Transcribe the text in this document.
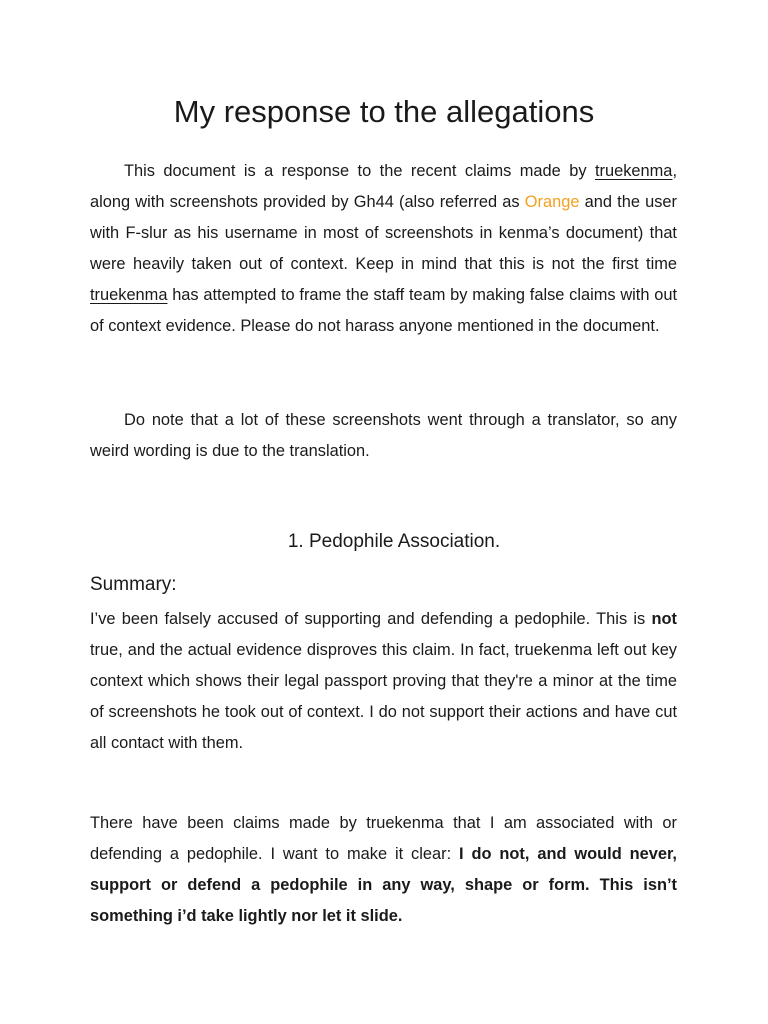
My response to the allegations

This document is a response to the recent claims made by truekenma, along with screenshots provided by Gh44 (also referred as Orange and the user with F-slur as his username in most of screenshots in kenma’s document) that were heavily taken out of context. Keep in mind that this is not the first time truekenma has attempted to frame the staff team by making false claims with out of context evidence. Please do not harass anyone mentioned in the document.

Do note that a lot of these screenshots went through a translator, so any weird wording is due to the translation.

1. Pedophile Association.
Summary:

I’ve been falsely accused of supporting and defending a pedophile. This is not true, and the actual evidence disproves this claim. In fact, truekenma left out key context which shows their legal passport proving that they're a minor at the time of screenshots he took out of context. I do not support their actions and have cut all contact with them.

There have been claims made by truekenma that I am associated with or defending a pedophile. I want to make it clear: I do not, and would never, support or defend a pedophile in any way, shape or form. This isn’t something i’d take lightly nor let it slide.
